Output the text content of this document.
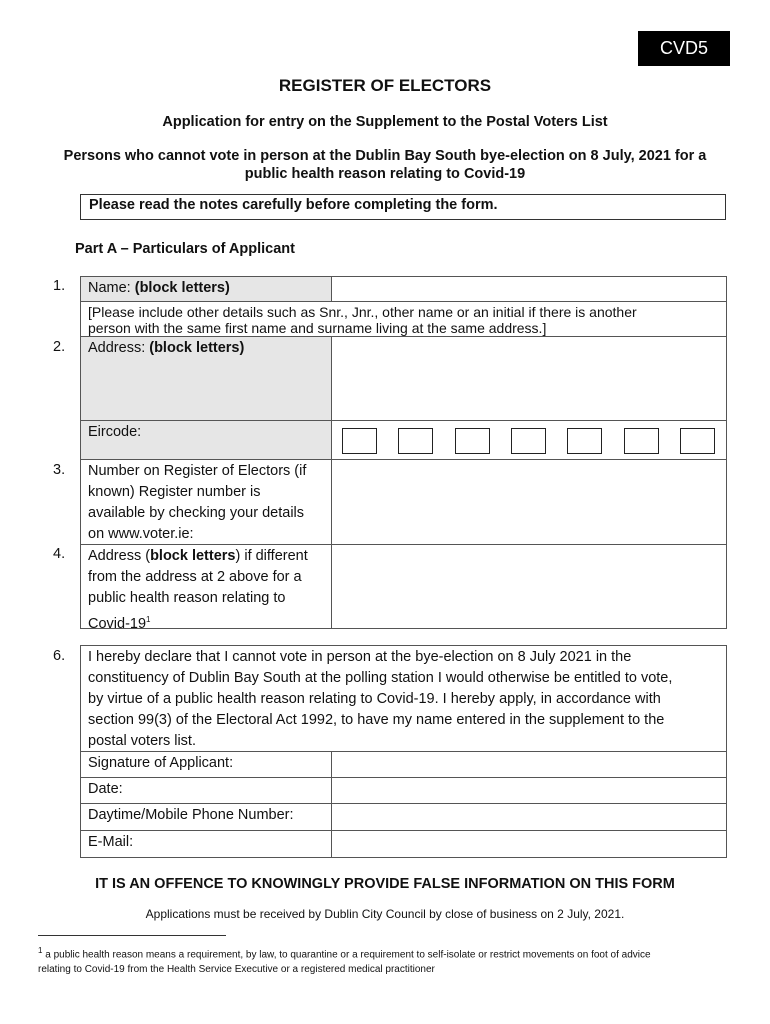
CVD5
REGISTER OF ELECTORS
Application for entry on the Supplement to the Postal Voters List
Persons who cannot vote in person at the Dublin Bay South bye-election on 8 July, 2021 for a
public health reason relating to Covid-19
Please read the notes carefully before completing the form.
Part A – Particulars of Applicant
1.	Name: (block letters)
[Please include other details such as Snr., Jnr., other name or an initial if there is another
person with the same first name and surname living at the same address.]
2.	Address: (block letters)
Eircode:
3. Number on Register of Electors (if
known) Register number is
available by checking your details
on www.voter.ie:
4. Address (block letters) if different
from the address at 2 above for a
public health reason relating to
Covid-$19^1$
6. I hereby declare that I cannot vote in person at the bye-election on 8 July 2021 in the
constituency of Dublin Bay South at the polling station I would otherwise be entitled to vote,
by virtue of a public health reason relating to Covid-19. I hereby apply, in accordance with
section 99(3) of the Electoral Act 1992, to have my name entered in the supplement to the
postal voters list.
Signature of Applicant:
Date:
Daytime/Mobile Phone Number:
E-Mail:
IT IS AN OFFENCE TO KNOWINGLY PROVIDE FALSE INFORMATION ON THIS FORM
Applications must be received by Dublin City Council by close of business on 2 July, 2021.
$^1$ a public health reason means a requirement, by law, to quarantine or a requirement to self-isolate or restrict movements on foot of advice
relating to Covid-19 from the Health Service Executive or a registered medical practitioner
